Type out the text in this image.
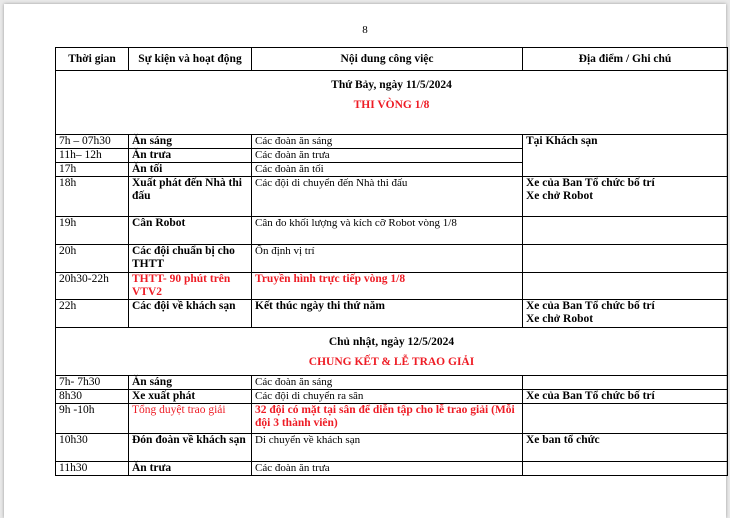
8
Thời gian	Sự kiện và hoạt động	Nội dung công việc	Địa điểm / Ghi chú

Thứ Bảy, ngày 11/5/2024
THI VÒNG 1/8			

7h – 07h30	Ăn sáng	Các đoàn ăn sáng	Tại Khách sạn
11h– 12h	Ăn trưa	Các đoàn ăn trưa	
17h	Ăn tối	Các đoàn ăn tối	
18h	Xuất phát đến Nhà thi đấu	Các đội di chuyển đến Nhà thi đấu	Xe của Ban Tổ chức bố trí
Xe chở Robot

19h	Cân Robot	Cân đo khối lượng và kích cỡ Robot vòng 1/8	
20h	Các đội chuẩn bị cho THTT	Ổn định vị trí	
20h30-22h	THTT- 90 phút trên VTV2	Truyền hình trực tiếp vòng 1/8	
22h	Các đội về khách sạn	Kết thúc ngày thi thứ năm	Xe của Ban Tổ chức bố trí
Xe chở Robot

Chủ nhật, ngày 12/5/2024
CHUNG KẾT & LỄ TRAO GIẢI			

7h- 7h30	Ăn sáng	Các đoàn ăn sáng	
8h30	Xe xuất phát	Các đội di chuyển ra sân	Xe của Ban Tổ chức bố trí
9h -10h	Tổng duyệt trao giải	32 đội có mặt tại sân để diễn tập cho lễ trao giải (Mỗi đội 3 thành viên)	
10h30	Đón đoàn về khách sạn	Di chuyển về khách sạn	Xe ban tổ chức
11h30	Ăn trưa	Các đoàn ăn trưa	
